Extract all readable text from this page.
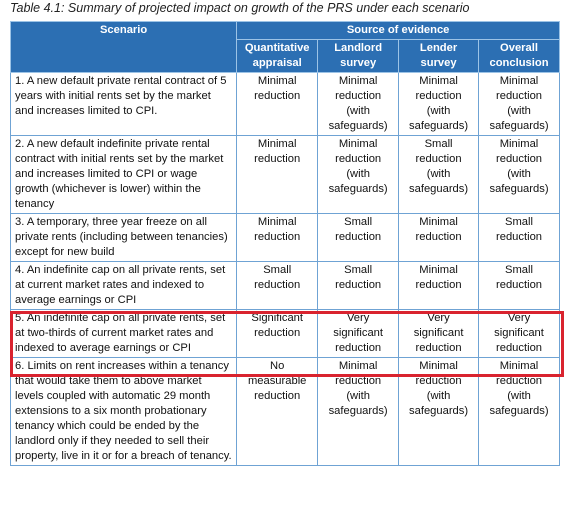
Table 4.1: Summary of projected impact on growth of the PRS under each scenario
Scenario	Source of evidence			
	Quantitative appraisal	Landlord survey	Lender survey	Overall conclusion
1. A new default private rental contract of 5 years with initial rents set by the market and increases limited to CPI.	Minimal reduction	Minimal reduction (with safeguards)	Minimal reduction (with safeguards)	Minimal reduction (with safeguards)
2. A new default indefinite private rental contract with initial rents set by the market and increases limited to CPI or wage growth (whichever is lower) within the tenancy	Minimal reduction	Minimal reduction (with safeguards)	Small reduction (with safeguards)	Minimal reduction (with safeguards)
3. A temporary, three year freeze on all private rents (including between tenancies) except for new build	Minimal reduction	Small reduction	Minimal reduction	Small reduction
4. An indefinite cap on all private rents, set at current market rates and indexed to average earnings or CPI	Small reduction	Small reduction	Minimal reduction	Small reduction
5. An indefinite cap on all private rents, set at two-thirds of current market rates and indexed to average earnings or CPI	Significant reduction	Very significant reduction	Very significant reduction	Very significant reduction
6. Limits on rent increases within a tenancy that would take them to above market levels coupled with automatic 29 month extensions to a six month probationary tenancy which could be ended by the landlord only if they needed to sell their property, live in it or for a breach of tenancy.	No measurable reduction	Minimal reduction (with safeguards)	Minimal reduction (with safeguards)	Minimal reduction (with safeguards)
